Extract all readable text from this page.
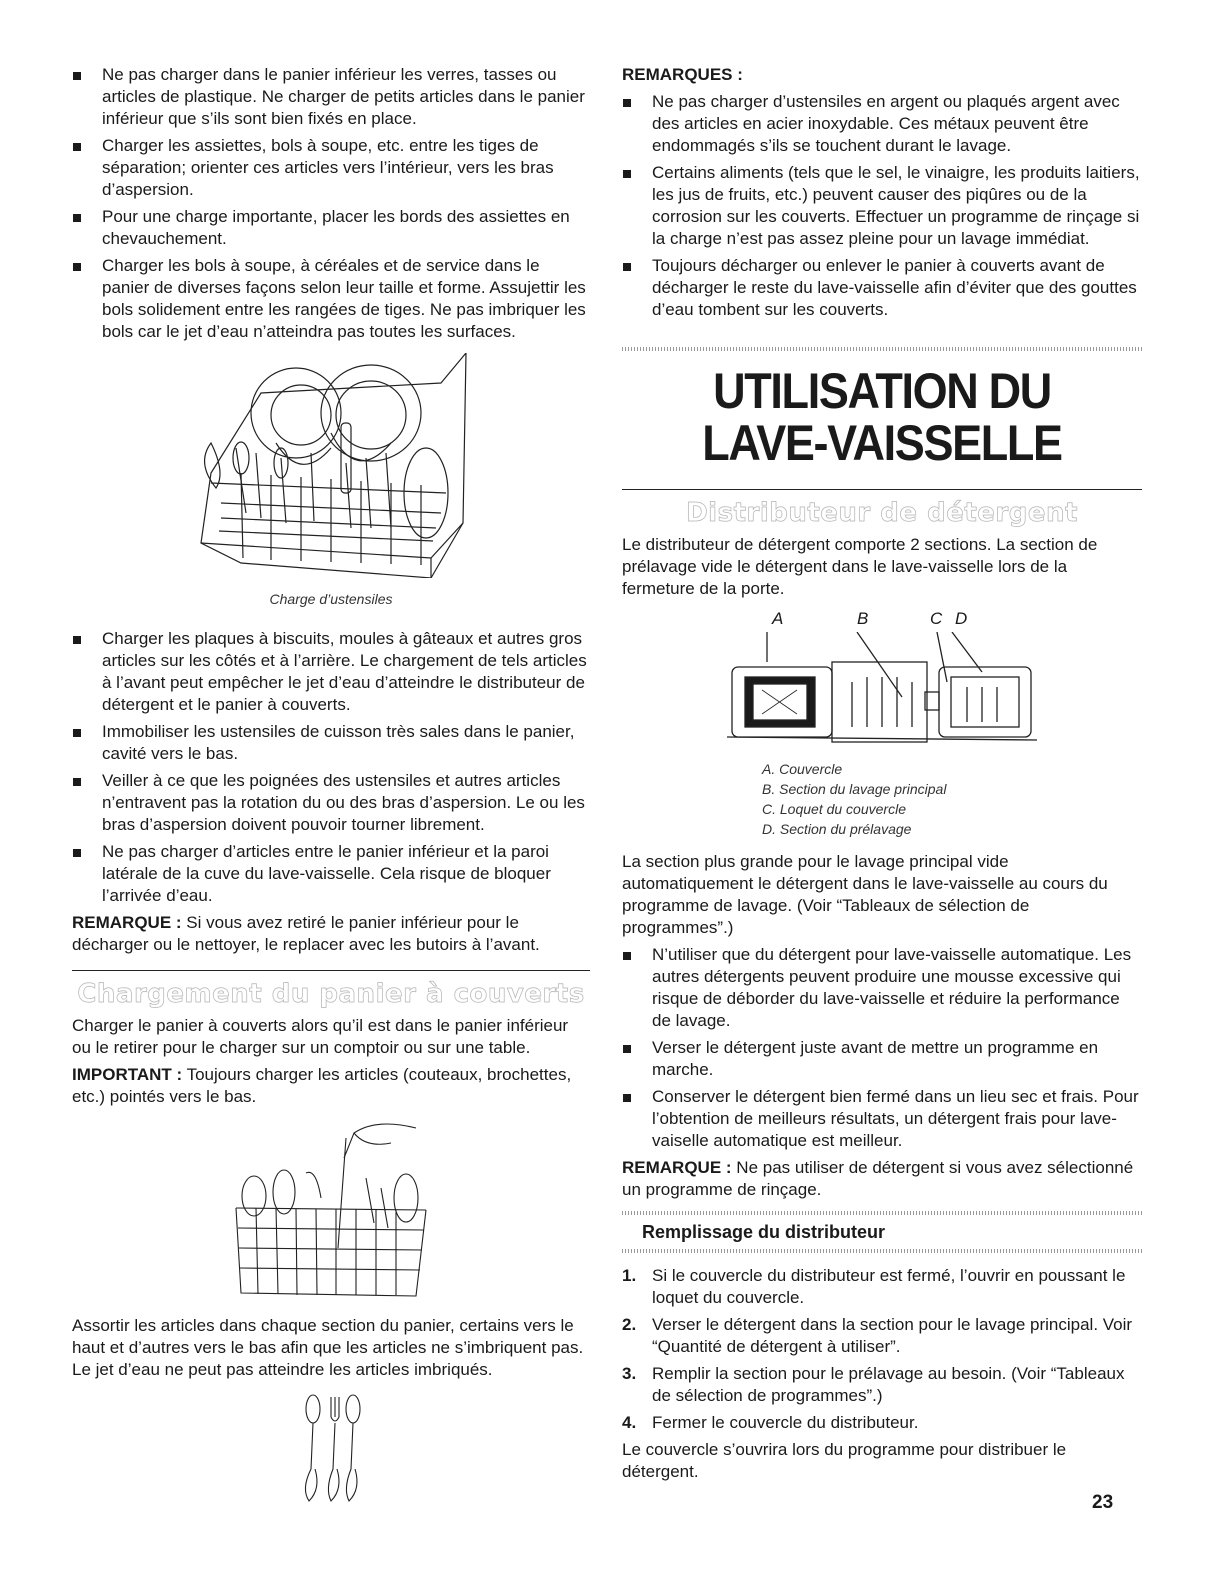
Ne pas charger dans le panier inférieur les verres, tasses ou articles de plastique. Ne charger de petits articles dans le panier inférieur que s’ils sont bien fixés en place.
Charger les assiettes, bols à soupe, etc. entre les tiges de séparation; orienter ces articles vers l’intérieur, vers les bras d’aspersion.
Pour une charge importante, placer les bords des assiettes en chevauchement.
Charger les bols à soupe, à céréales et de service dans le panier de diverses façons selon leur taille et forme. Assujettir les bols solidement entre les rangées de tiges. Ne pas imbriquer les bols car le jet d’eau n’atteindra pas toutes les surfaces.
Charge d’ustensiles
Charger les plaques à biscuits, moules à gâteaux et autres gros articles sur les côtés et à l’arrière. Le chargement de tels articles à l’avant peut empêcher le jet d’eau d’atteindre le distributeur de détergent et le panier à couverts.
Immobiliser les ustensiles de cuisson très sales dans le panier, cavité vers le bas.
Veiller à ce que les poignées des ustensiles et autres articles n’entravent pas la rotation du ou des bras d’aspersion. Le ou les bras d’aspersion doivent pouvoir tourner librement.
Ne pas charger d’articles entre le panier inférieur et la paroi latérale de la cuve du lave-vaisselle. Cela risque de bloquer l’arrivée d’eau.

REMARQUE : Si vous avez retiré le panier inférieur pour le décharger ou le nettoyer, le replacer avec les butoirs à l’avant.

Chargement du panier à couverts

Charger le panier à couverts alors qu’il est dans le panier inférieur ou le retirer pour le charger sur un comptoir ou sur une table.

IMPORTANT : Toujours charger les articles (couteaux, brochettes, etc.) pointés vers le bas.

Assortir les articles dans chaque section du panier, certains vers le haut et d’autres vers le bas afin que les articles ne s’imbriquent pas. Le jet d’eau ne peut pas atteindre les articles imbriqués.

REMARQUES :

Ne pas charger d’ustensiles en argent ou plaqués argent avec des articles en acier inoxydable. Ces métaux peuvent être endommagés s’ils se touchent durant le lavage.
Certains aliments (tels que le sel, le vinaigre, les produits laitiers, les jus de fruits, etc.) peuvent causer des piqûres ou de la corrosion sur les couverts. Effectuer un programme de rinçage si la charge n’est pas assez pleine pour un lavage immédiat.
Toujours décharger ou enlever le panier à couverts avant de décharger le reste du lave-vaisselle afin d’éviter que des gouttes d’eau tombent sur les couverts.
UTILISATION DU
LAVE-VAISSELLE
Distributeur de détergent

Le distributeur de détergent comporte 2 sections. La section de prélavage vide le détergent dans le lave-vaisselle lors de la fermeture de la porte.

A	B	C D
A. Couvercle
B. Section du lavage principal
C. Loquet du couvercle
D. Section du prélavage

La section plus grande pour le lavage principal vide automatiquement le détergent dans le lave-vaisselle au cours du programme de lavage. (Voir “Tableaux de sélection de programmes”.)

N’utiliser que du détergent pour lave-vaisselle automatique. Les autres détergents peuvent produire une mousse excessive qui risque de déborder du lave-vaisselle et réduire la performance de lavage.
Verser le détergent juste avant de mettre un programme en marche.
Conserver le détergent bien fermé dans un lieu sec et frais. Pour l’obtention de meilleurs résultats, un détergent frais pour lave-vaiselle automatique est meilleur.

REMARQUE : Ne pas utiliser de détergent si vous avez sélectionné un programme de rinçage.

Remplissage du distributeur
1. Si le couvercle du distributeur est fermé, l’ouvrir en poussant le loquet du couvercle.
2. Verser le détergent dans la section pour le lavage principal. Voir “Quantité de détergent à utiliser”.
3. Remplir la section pour le prélavage au besoin. (Voir “Tableaux de sélection de programmes”.)
4. Fermer le couvercle du distributeur.

Le couvercle s’ouvrira lors du programme pour distribuer le détergent.

23
